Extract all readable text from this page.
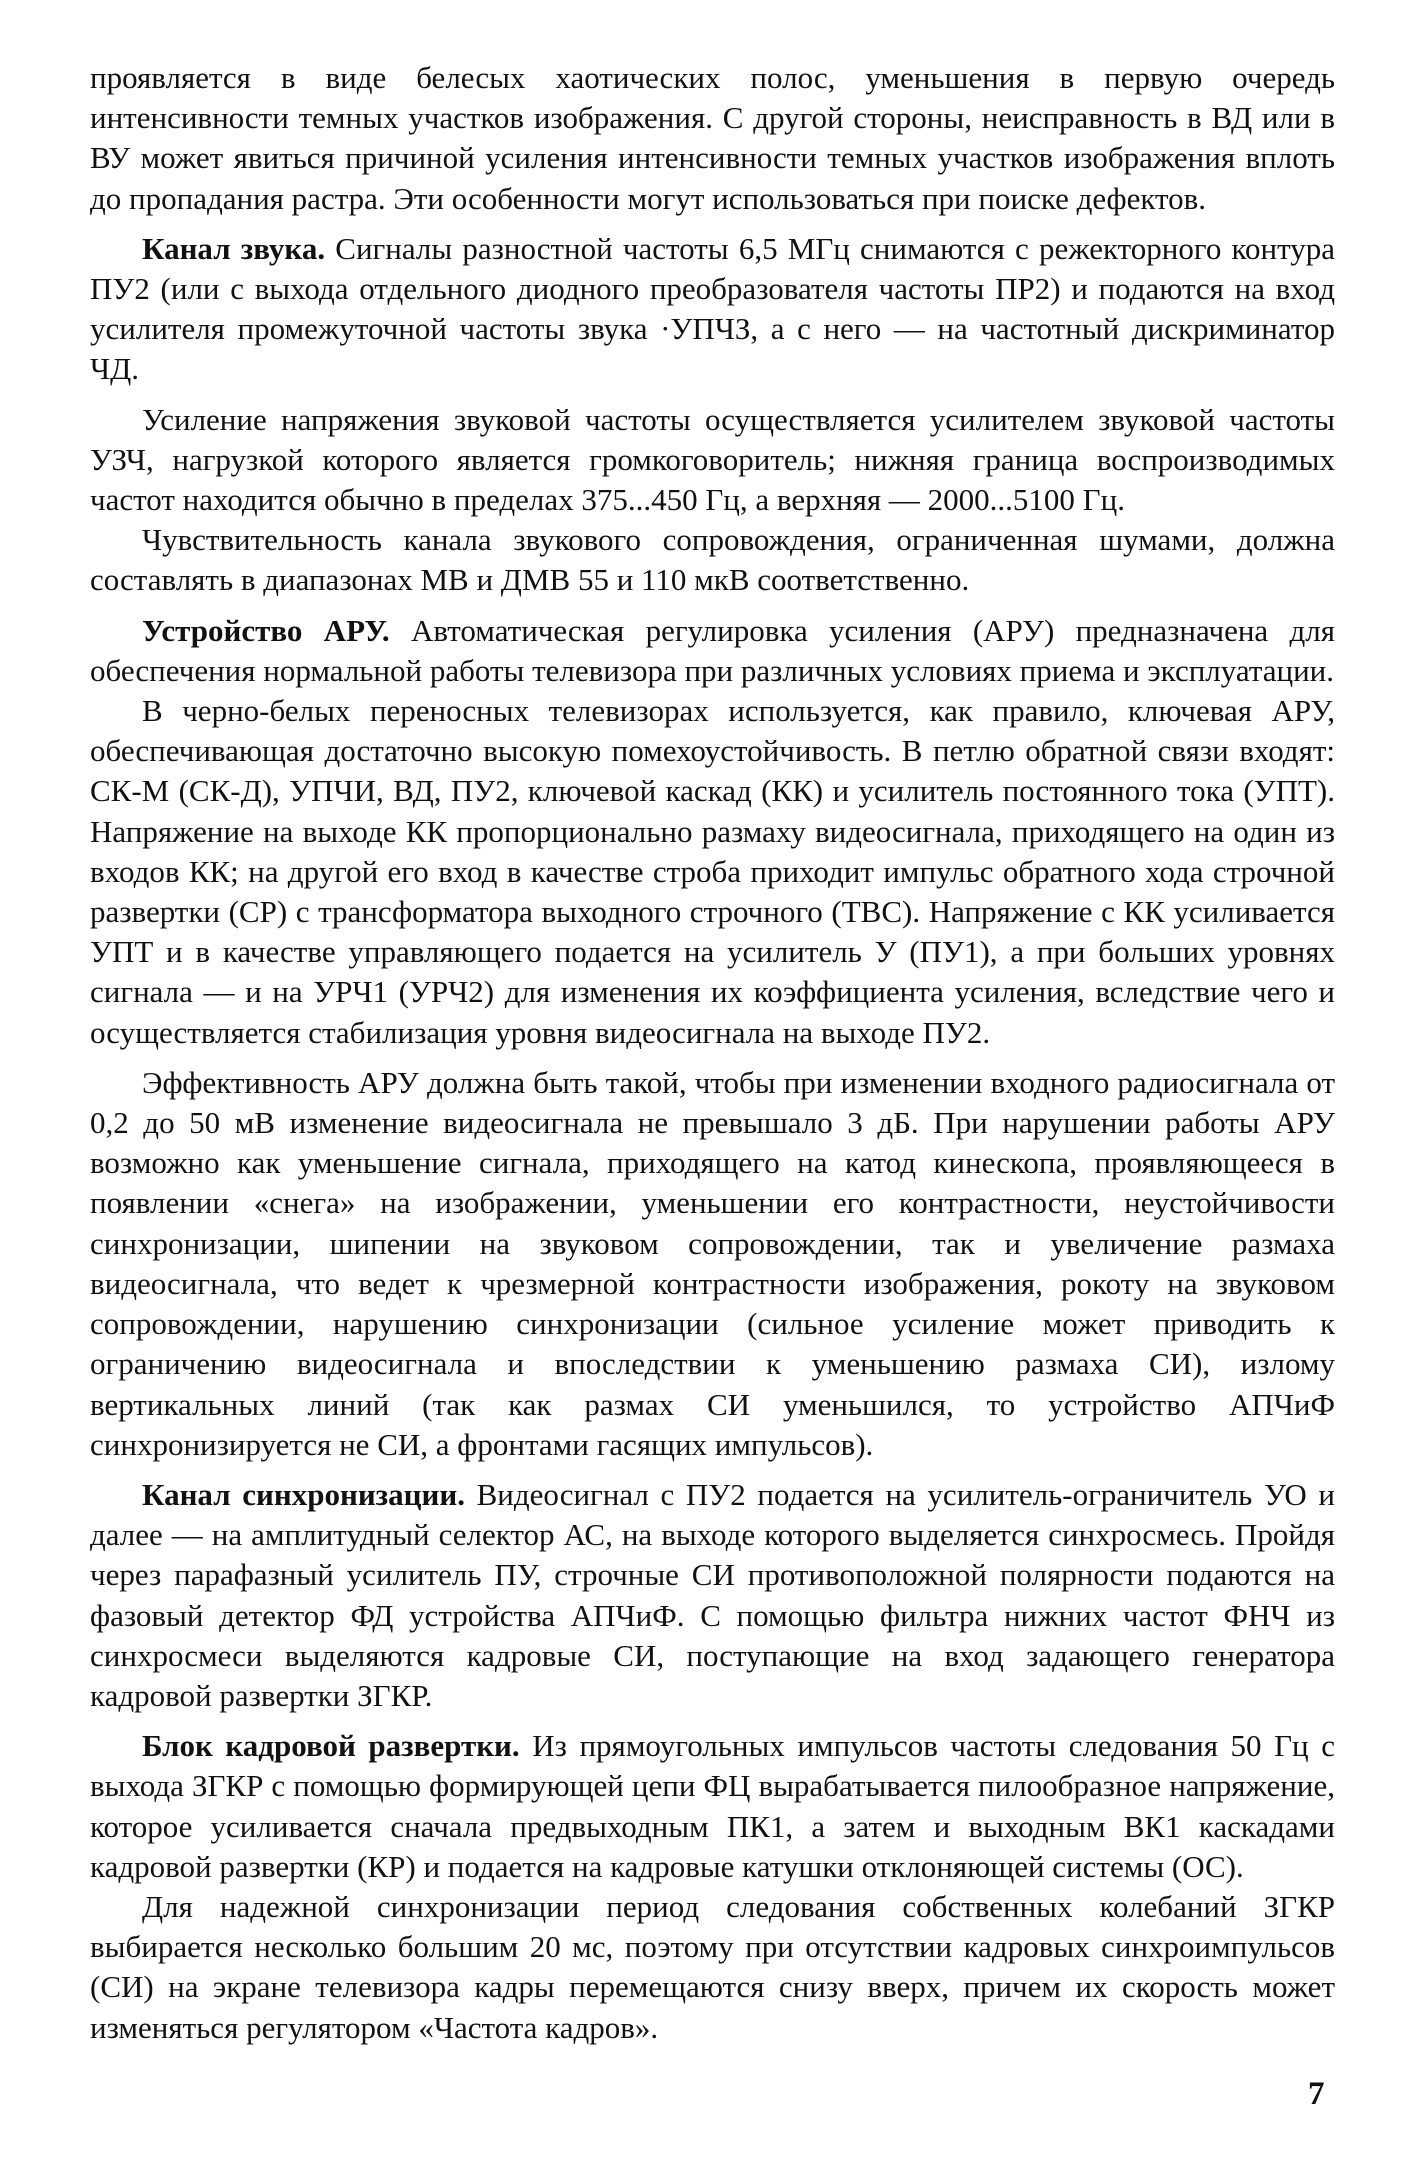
проявляется в виде белесых хаотических полос, уменьшения в первую очередь интенсивности темных участков изображения. С другой стороны, неисправность в ВД или в ВУ может явиться причиной усиления интенсивности темных участков изображения вплоть до пропадания растра. Эти особенности могут использоваться при поиске дефектов.

Канал звука. Сигналы разностной частоты 6,5 МГц снимаются с режекторного контура ПУ2 (или с выхода отдельного диодного преобразователя частоты ПР2) и подаются на вход усилителя промежуточной частоты звука ·УПЧЗ, а с него — на частотный дискриминатор ЧД.

Усиление напряжения звуковой частоты осуществляется усилителем звуковой частоты УЗЧ, нагрузкой которого является громкоговоритель; нижняя граница воспроизводимых частот находится обычно в пределах 375...450 Гц, а верхняя — 2000...5100 Гц.

Чувствительность канала звукового сопровождения, ограниченная шумами, должна составлять в диапазонах МВ и ДМВ 55 и 110 мкВ соответственно.

Устройство АРУ. Автоматическая регулировка усиления (АРУ) предназначена для обеспечения нормальной работы телевизора при различных условиях приема и эксплуатации.

В черно-белых переносных телевизорах используется, как правило, ключевая АРУ, обеспечивающая достаточно высокую помехоустойчивость. В петлю обратной связи входят: СК-М (СК-Д), УПЧИ, ВД, ПУ2, ключевой каскад (КК) и усилитель постоянного тока (УПТ). Напряжение на выходе КК пропорционально размаху видеосигнала, приходящего на один из входов КК; на другой его вход в качестве строба приходит импульс обратного хода строчной развертки (СР) с трансформатора выходного строчного (ТВС). Напряжение с КК усиливается УПТ и в качестве управляющего подается на усилитель У (ПУ1), а при больших уровнях сигнала — и на УРЧ1 (УРЧ2) для изменения их коэффициента усиления, вследствие чего и осуществляется стабилизация уровня видеосигнала на выходе ПУ2.

Эффективность АРУ должна быть такой, чтобы при изменении входного радиосигнала от 0,2 до 50 мВ изменение видеосигнала не превышало 3 дБ. При нарушении работы АРУ возможно как уменьшение сигнала, приходящего на катод кинескопа, проявляющееся в появлении «снега» на изображении, уменьшении его контрастности, неустойчивости синхронизации, шипении на звуковом сопровождении, так и увеличение размаха видеосигнала, что ведет к чрезмерной контрастности изображения, рокоту на звуковом сопровождении, нарушению синхронизации (сильное усиление может приводить к ограничению видеосигнала и впоследствии к уменьшению размаха СИ), излому вертикальных линий (так как размах СИ уменьшился, то устройство АПЧиФ синхронизируется не СИ, а фронтами гасящих импульсов).

Канал синхронизации. Видеосигнал с ПУ2 подается на усилитель-ограничитель УО и далее — на амплитудный селектор АС, на выходе которого выделяется синхросмесь. Пройдя через парафазный усилитель ПУ, строчные СИ противоположной полярности подаются на фазовый детектор ФД устройства АПЧиФ. С помощью фильтра нижних частот ФНЧ из синхросмеси выделяются кадровые СИ, поступающие на вход задающего генератора кадровой развертки ЗГКР.

Блок кадровой развертки. Из прямоугольных импульсов частоты следования 50 Гц с выхода ЗГКР с помощью формирующей цепи ФЦ вырабатывается пилообразное напряжение, которое усиливается сначала предвыходным ПК1, а затем и выходным ВК1 каскадами кадровой развертки (КР) и подается на кадровые катушки отклоняющей системы (ОС).

Для надежной синхронизации период следования собственных колебаний ЗГКР выбирается несколько большим 20 мс, поэтому при отсутствии кадровых синхроимпульсов (СИ) на экране телевизора кадры перемещаются снизу вверх, причем их скорость может изменяться регулятором «Частота кадров».

7
